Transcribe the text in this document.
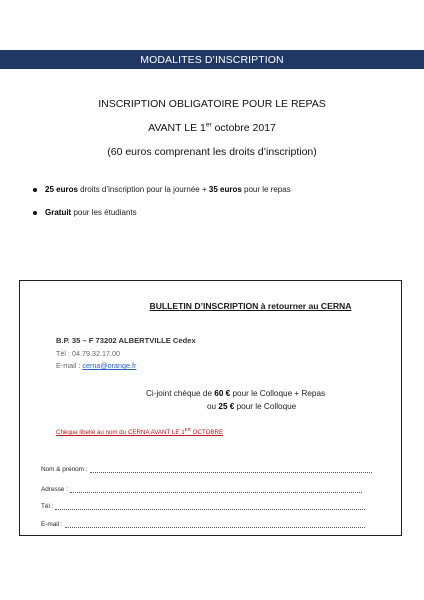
MODALITES D’INSCRIPTION
INSCRIPTION OBLIGATOIRE POUR LE REPAS
AVANT LE 1er octobre 2017
(60 euros comprenant les droits d’inscription)
25 euros droits d’inscription pour la journée + 35 euros pour le repas
Gratuit pour les étudiants
BULLETIN D’INSCRIPTION à retourner au CERNA
B.P. 35 – F 73202 ALBERTVILLE Cedex
Tél : 04.79.32.17.00
E-mail : cerna@orange.fr
Ci-joint chèque de 60 € pour le Colloque + Repas
ou 25 € pour le Colloque
Chèque libellé au nom du CERNA AVANT LE 1ER OCTOBRE
Nom & prénom :
Adresse :
Tél :
E-mail :
